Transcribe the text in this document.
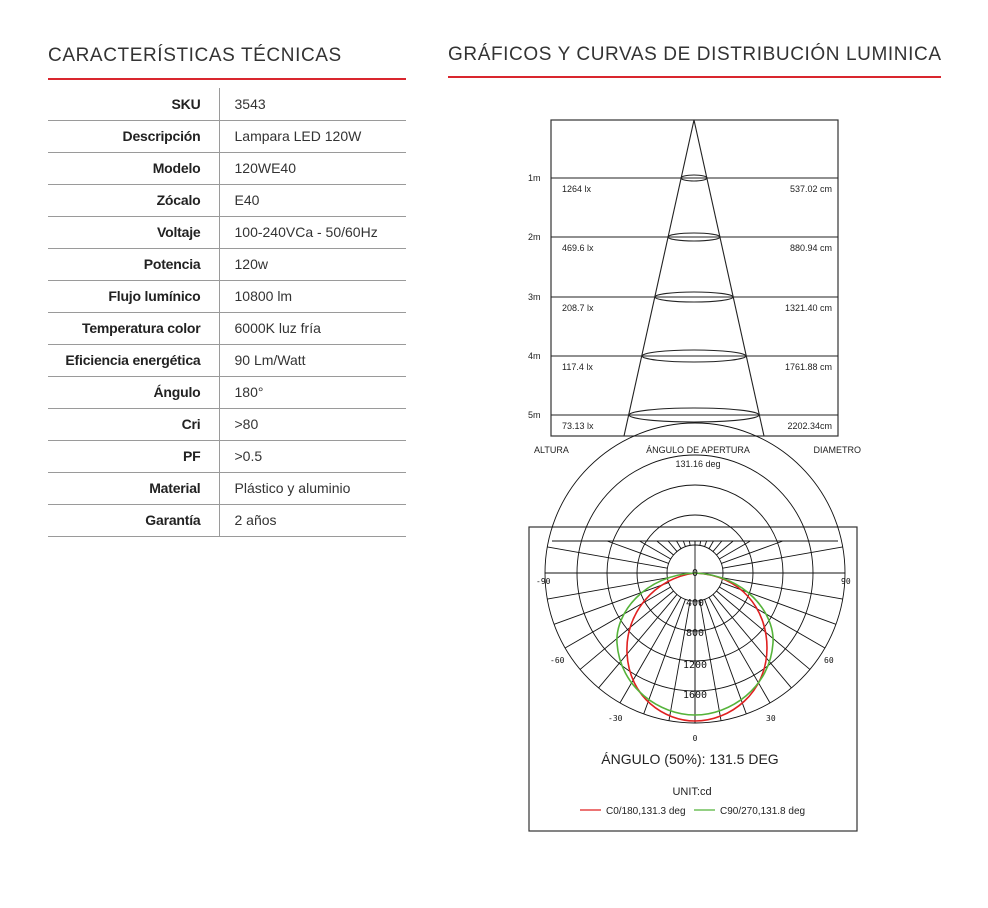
CARACTERÍSTICAS TÉCNICAS
SKU	3543
Descripción	Lampara LED 120W
Modelo	120WE40
Zócalo	E40
Voltaje	100-240VCa - 50/60Hz
Potencia	120w
Flujo lumínico	10800 lm
Temperatura color	6000K luz fría
Eficiencia energética	90 Lm/Watt
Ángulo	180°
Cri	>80
PF	>0.5
Material	Plástico y aluminio
Garantía	2 años
GRÁFICOS Y CURVAS DE DISTRIBUCIÓN LUMINICA
1m
2m
3m
4m
5m
1264 lx
469.6 lx
208.7 lx
117.4 lx
73.13 lx
537.02 cm
880.94 cm
1321.40 cm
1761.88 cm
2202.34cm
ALTURA	ÁNGULO DE APERTURA
131.16 deg
DIAMETRO
0
400
800
1200
1600
-90	90
-60	60
-30	30
0
ÁNGULO (50%): 131.5 DEG
UNIT:cd
C0/180,131.3 deg	C90/270,131.8 deg
